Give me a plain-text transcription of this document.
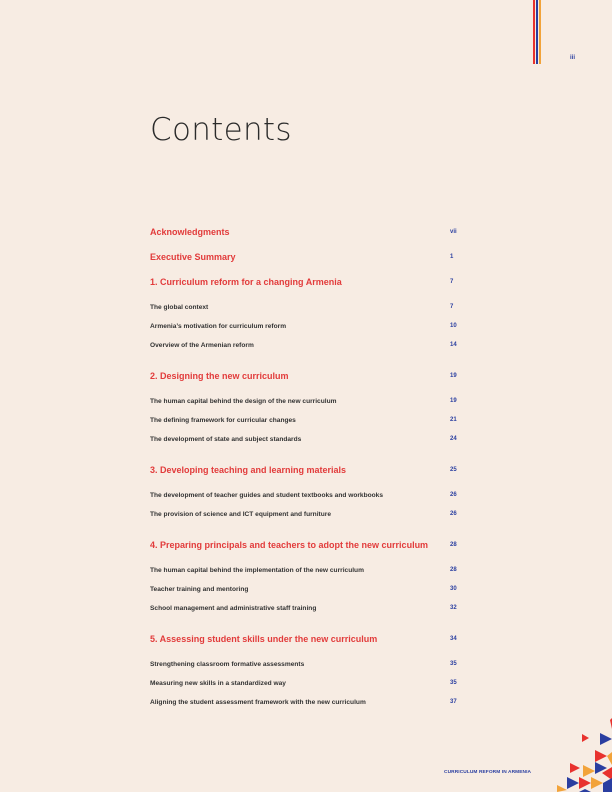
iii
Contents
Acknowledgments	vii
Executive Summary	1
1. Curriculum reform for a changing Armenia	7
The global context	7
Armenia’s motivation for curriculum reform	10
Overview of the Armenian reform	14
2. Designing the new curriculum	19
The human capital behind the design of the new curriculum	19
The defining framework for curricular changes	21
The development of state and subject standards	24
3. Developing teaching and learning materials	25
The development of teacher guides and student textbooks and workbooks	26
The provision of science and ICT equipment and furniture	26
4. Preparing principals and teachers to adopt the new curriculum	28
The human capital behind the implementation of the new curriculum	28
Teacher training and mentoring	30
School management and administrative staff training	32
5. Assessing student skills under the new curriculum	34
Strengthening classroom formative assessments	35
Measuring new skills in a standardized way	35
Aligning the student assessment framework with the new curriculum	37
CURRICULUM REFORM IN ARMENIA
